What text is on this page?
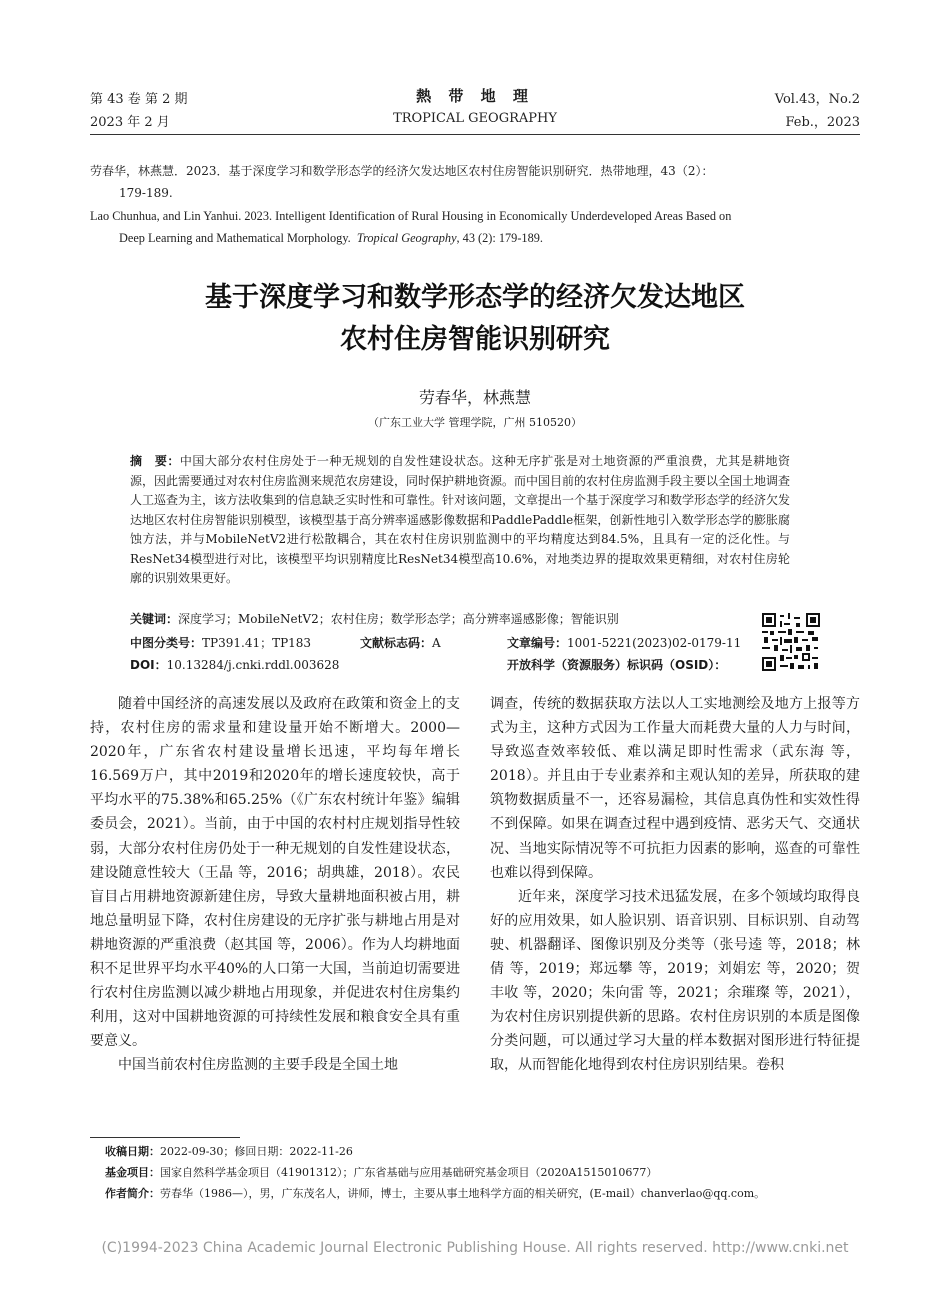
第 43 卷 第 2 期
2023 年 2 月
熱 带 地 理
TROPICAL GEOGRAPHY
Vol.43，No.2
Feb.，2023
劳春华，林燕慧．2023．基于深度学习和数学形态学的经济欠发达地区农村住房智能识别研究．热带地理，43（2）：
179-189.
Lao Chunhua, and Lin Yanhui. 2023. Intelligent Identification of Rural Housing in Economically Underdeveloped Areas Based on
Deep Learning and Mathematical Morphology. Tropical Geography, 43 (2): 179-189.
基于深度学习和数学形态学的经济欠发达地区
农村住房智能识别研究
劳春华，林燕慧
（广东工业大学 管理学院，广州 510520）
摘　要：中国大部分农村住房处于一种无规划的自发性建设状态。这种无序扩张是对土地资源的严重浪费，尤其是耕地资源，因此需要通过对农村住房监测来规范农房建设，同时保护耕地资源。而中国目前的农村住房监测手段主要以全国土地调查人工巡查为主，该方法收集到的信息缺乏实时性和可靠性。针对该问题，文章提出一个基于深度学习和数学形态学的经济欠发达地区农村住房智能识别模型，该模型基于高分辨率遥感影像数据和PaddlePaddle框架，创新性地引入数学形态学的膨胀腐蚀方法，并与MobileNetV2进行松散耦合，其在农村住房识别监测中的平均精度达到84.5%，且具有一定的泛化性。与ResNet34模型进行对比，该模型平均识别精度比ResNet34模型高10.6%，对地类边界的提取效果更精细，对农村住房轮廓的识别效果更好。
关键词：深度学习；MobileNetV2；农村住房；数学形态学；高分辨率遥感影像；智能识别
中图分类号：TP391.41；TP183	文献标志码：A	文章编号：1001-5221(2023)02-0179-11
DOI：10.13284/j.cnki.rddl.003628	开放科学（资源服务）标识码（OSID）：

随着中国经济的高速发展以及政府在政策和资金上的支持，农村住房的需求量和建设量开始不断增大。2000—2020年，广东省农村建设量增长迅速，平均每年增长16.569万户，其中2019和2020年的增长速度较快，高于平均水平的75.38%和65.25%（《广东农村统计年鉴》编辑委员会，2021）。当前，由于中国的农村村庄规划指导性较弱，大部分农村住房仍处于一种无规划的自发性建设状态，建设随意性较大（王晶 等，2016；胡典雄，2018）。农民盲目占用耕地资源新建住房，导致大量耕地面积被占用，耕地总量明显下降，农村住房建设的无序扩张与耕地占用是对耕地资源的严重浪费（赵其国 等，2006）。作为人均耕地面积不足世界平均水平40%的人口第一大国，当前迫切需要进行农村住房监测以减少耕地占用现象，并促进农村住房集约利用，这对中国耕地资源的可持续性发展和粮食安全具有重要意义。

中国当前农村住房监测的主要手段是全国土地

调查，传统的数据获取方法以人工实地测绘及地方上报等方式为主，这种方式因为工作量大而耗费大量的人力与时间，导致巡查效率较低、难以满足即时性需求（武东海 等，2018）。并且由于专业素养和主观认知的差异，所获取的建筑物数据质量不一，还容易漏检，其信息真伪性和实效性得不到保障。如果在调查过程中遇到疫情、恶劣天气、交通状况、当地实际情况等不可抗拒力因素的影响，巡查的可靠性也难以得到保障。

近年来，深度学习技术迅猛发展，在多个领域均取得良好的应用效果，如人脸识别、语音识别、目标识别、自动驾驶、机器翻译、图像识别及分类等（张号逵 等，2018；林倩 等，2019；郑远攀 等，2019；刘娟宏 等，2020；贺丰收 等，2020；朱向雷 等，2021；余璀璨 等，2021），为农村住房识别提供新的思路。农村住房识别的本质是图像分类问题，可以通过学习大量的样本数据对图形进行特征提取，从而智能化地得到农村住房识别结果。卷积

收稿日期：2022-09-30；修回日期：2022-11-26
基金项目：国家自然科学基金项目（41901312）；广东省基础与应用基础研究基金项目（2020A1515010677）
作者简介：劳春华（1986—），男，广东茂名人，讲师，博士，主要从事土地科学方面的相关研究，(E-mail）chanverlao@qq.com。
(C)1994-2023 China Academic Journal Electronic Publishing House. All rights reserved. http://www.cnki.net
